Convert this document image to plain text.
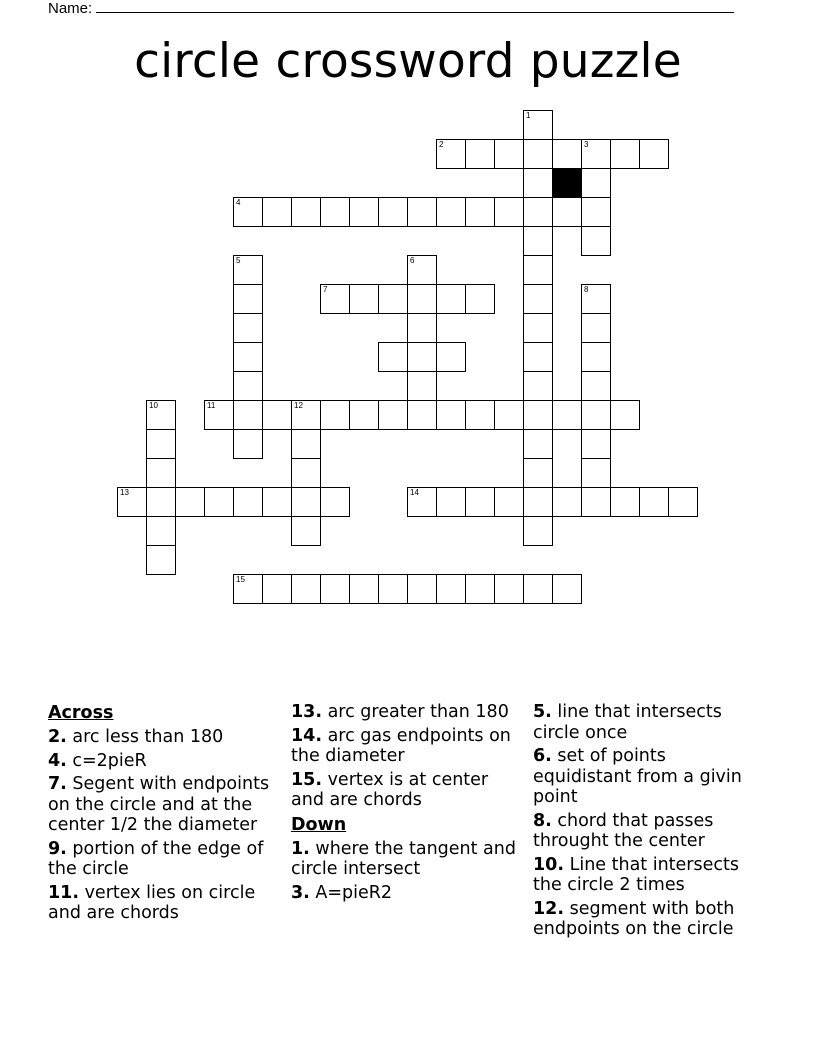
Name:
circle crossword puzzle
1
2	3
4
5	6
7	8
10	11	12
13	14
15
Across
2. arc less than 180
4. c=2pieR
7. Segent with endpoints on the circle and at the center 1/2 the diameter
9. portion of the edge of the circle
11. vertex lies on circle and are chords
13. arc greater than 180
14. arc gas endpoints on the diameter
15. vertex is at center and are chords
Down
1. where the tangent and circle intersect
3. A=pieR2
5. line that intersects circle once
6. set of points equidistant from a givin point
8. chord that passes throught the center
10. Line that intersects the circle 2 times
12. segment with both endpoints on the circle
